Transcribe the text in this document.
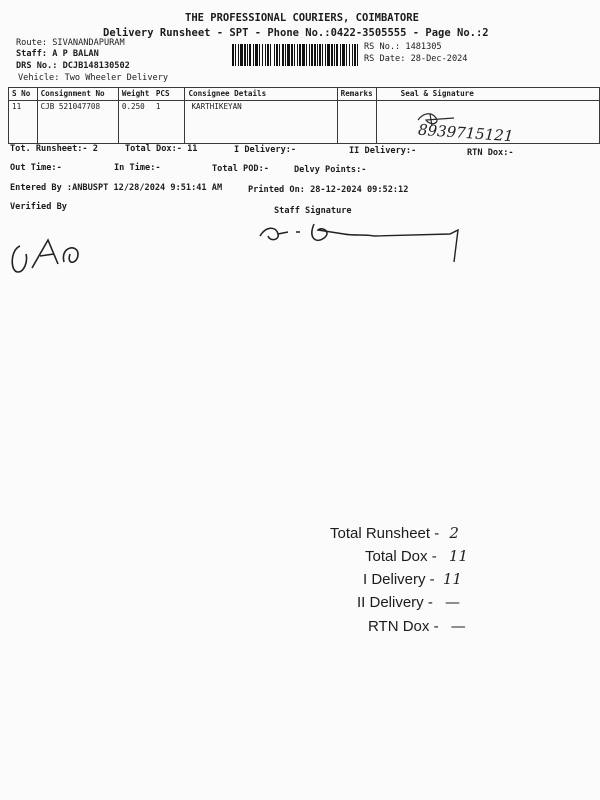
THE PROFESSIONAL COURIERS, COIMBATORE
Delivery Runsheet - SPT - Phone No.:0422-3505555 - Page No.:2
Route: SIVANANDAPURAM
Staff: A P BALAN
DRS No.: DCJB148130502
Vehicle: Two Wheeler Delivery
RS No.: 1481305
RS Date: 28-Dec-2024
S No	Consignment No	Weight	PCS	Consignee Details	Remarks	Seal & Signature
11	CJB 521047708	0.250	1	KARTHIKEYAN		
8939715121
Tot. Runsheet:- 2	Total Dox:- 11	I Delivery:-	II Delivery:-	RTN Dox:-
Out Time:-	In Time:-	Total POD:-	Delvy Points:-
Entered By :ANBUSPT 12/28/2024 9:51:41 AM	Printed On: 28-12-2024 09:52:12
Verified By	Staff Signature
Total Runsheet - 2
Total Dox - 11
I Delivery - 11
II Delivery - —
RTN Dox - —
